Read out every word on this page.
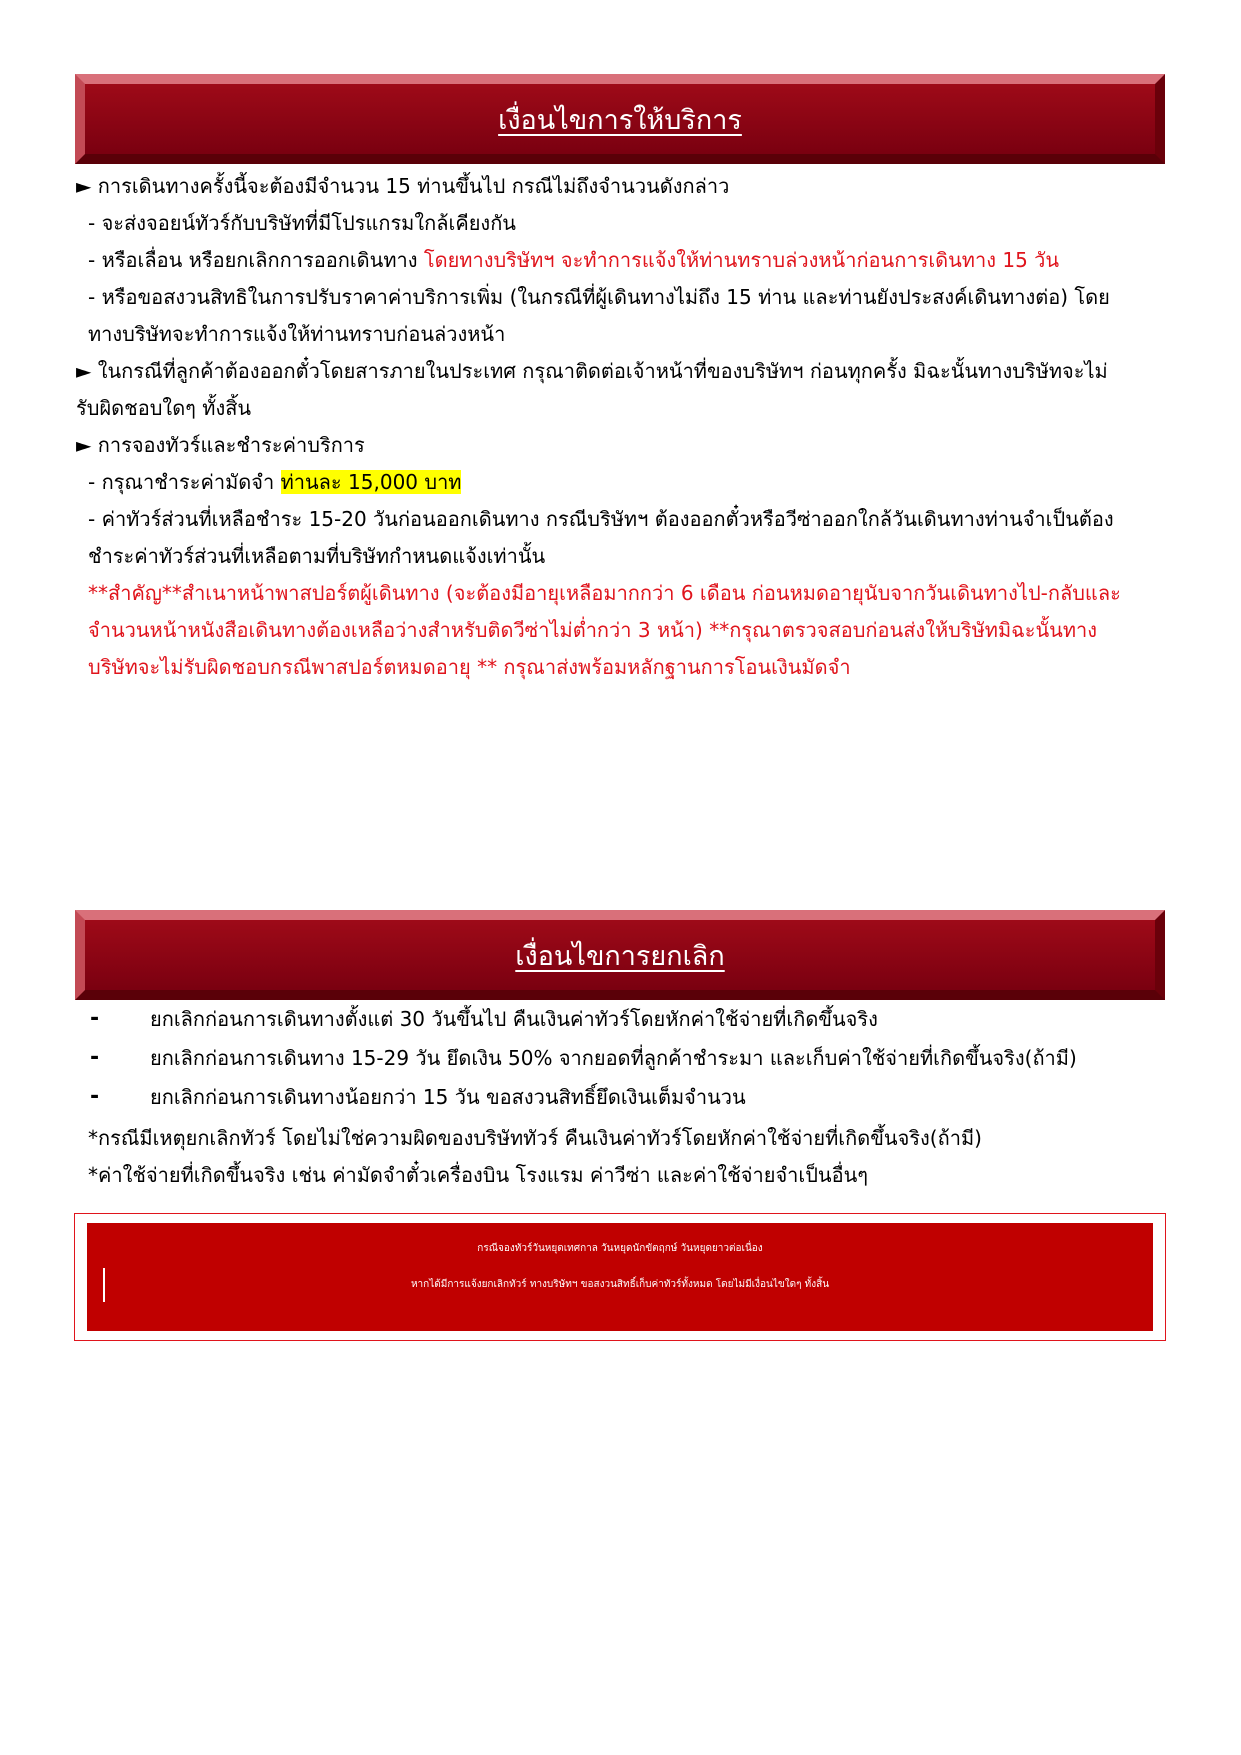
เงื่อนไขการให้บริการ
► การเดินทางครั้งนี้จะต้องมีจำนวน 15 ท่านขึ้นไป กรณีไม่ถึงจำนวนดังกล่าว
- จะส่งจอยน์ทัวร์กับบริษัทที่มีโปรแกรมใกล้เคียงกัน
- หรือเลื่อน หรือยกเลิกการออกเดินทาง โดยทางบริษัทฯ จะทำการแจ้งให้ท่านทราบล่วงหน้าก่อนการเดินทาง 15 วัน
- หรือขอสงวนสิทธิในการปรับราคาค่าบริการเพิ่ม (ในกรณีที่ผู้เดินทางไม่ถึง 15 ท่าน และท่านยังประสงค์เดินทางต่อ) โดย
ทางบริษัทจะทำการแจ้งให้ท่านทราบก่อนล่วงหน้า
► ในกรณีที่ลูกค้าต้องออกตั๋วโดยสารภายในประเทศ กรุณาติดต่อเจ้าหน้าที่ของบริษัทฯ ก่อนทุกครั้ง มิฉะนั้นทางบริษัทจะไม่
รับผิดชอบใดๆ ทั้งสิ้น
► การจองทัวร์และชำระค่าบริการ
- กรุณาชำระค่ามัดจำ ท่านละ 15,000 บาท
- ค่าทัวร์ส่วนที่เหลือชำระ 15-20 วันก่อนออกเดินทาง กรณีบริษัทฯ ต้องออกตั๋วหรือวีซ่าออกใกล้วันเดินทางท่านจำเป็นต้อง
ชำระค่าทัวร์ส่วนที่เหลือตามที่บริษัทกำหนดแจ้งเท่านั้น
**สำคัญ**สำเนาหน้าพาสปอร์ตผู้เดินทาง (จะต้องมีอายุเหลือมากกว่า 6 เดือน ก่อนหมดอายุนับจากวันเดินทางไป-กลับและ
จำนวนหน้าหนังสือเดินทางต้องเหลือว่างสำหรับติดวีซ่าไม่ต่ำกว่า 3 หน้า) **กรุณาตรวจสอบก่อนส่งให้บริษัทมิฉะนั้นทาง
บริษัทจะไม่รับผิดชอบกรณีพาสปอร์ตหมดอายุ ** กรุณาส่งพร้อมหลักฐานการโอนเงินมัดจำ
เงื่อนไขการยกเลิก
-	ยกเลิกก่อนการเดินทางตั้งแต่ 30 วันขึ้นไป คืนเงินค่าทัวร์โดยหักค่าใช้จ่ายที่เกิดขึ้นจริง
-	ยกเลิกก่อนการเดินทาง 15-29 วัน ยึดเงิน 50% จากยอดที่ลูกค้าชำระมา และเก็บค่าใช้จ่ายที่เกิดขึ้นจริง(ถ้ามี)
-	ยกเลิกก่อนการเดินทางน้อยกว่า 15 วัน ขอสงวนสิทธิ์ยึดเงินเต็มจำนวน
*กรณีมีเหตุยกเลิกทัวร์ โดยไม่ใช่ความผิดของบริษัททัวร์ คืนเงินค่าทัวร์โดยหักค่าใช้จ่ายที่เกิดขึ้นจริง(ถ้ามี)
*ค่าใช้จ่ายที่เกิดขึ้นจริง เช่น ค่ามัดจำตั๋วเครื่องบิน โรงแรม ค่าวีซ่า และค่าใช้จ่ายจำเป็นอื่นๆ
กรณีจองทัวร์วันหยุดเทศกาล วันหยุดนักขัตฤกษ์ วันหยุดยาวต่อเนื่อง
หากได้มีการแจ้งยกเลิกทัวร์ ทางบริษัทฯ ขอสงวนสิทธิ์เก็บค่าทัวร์ทั้งหมด โดยไม่มีเงื่อนไขใดๆ ทั้งสิ้น
